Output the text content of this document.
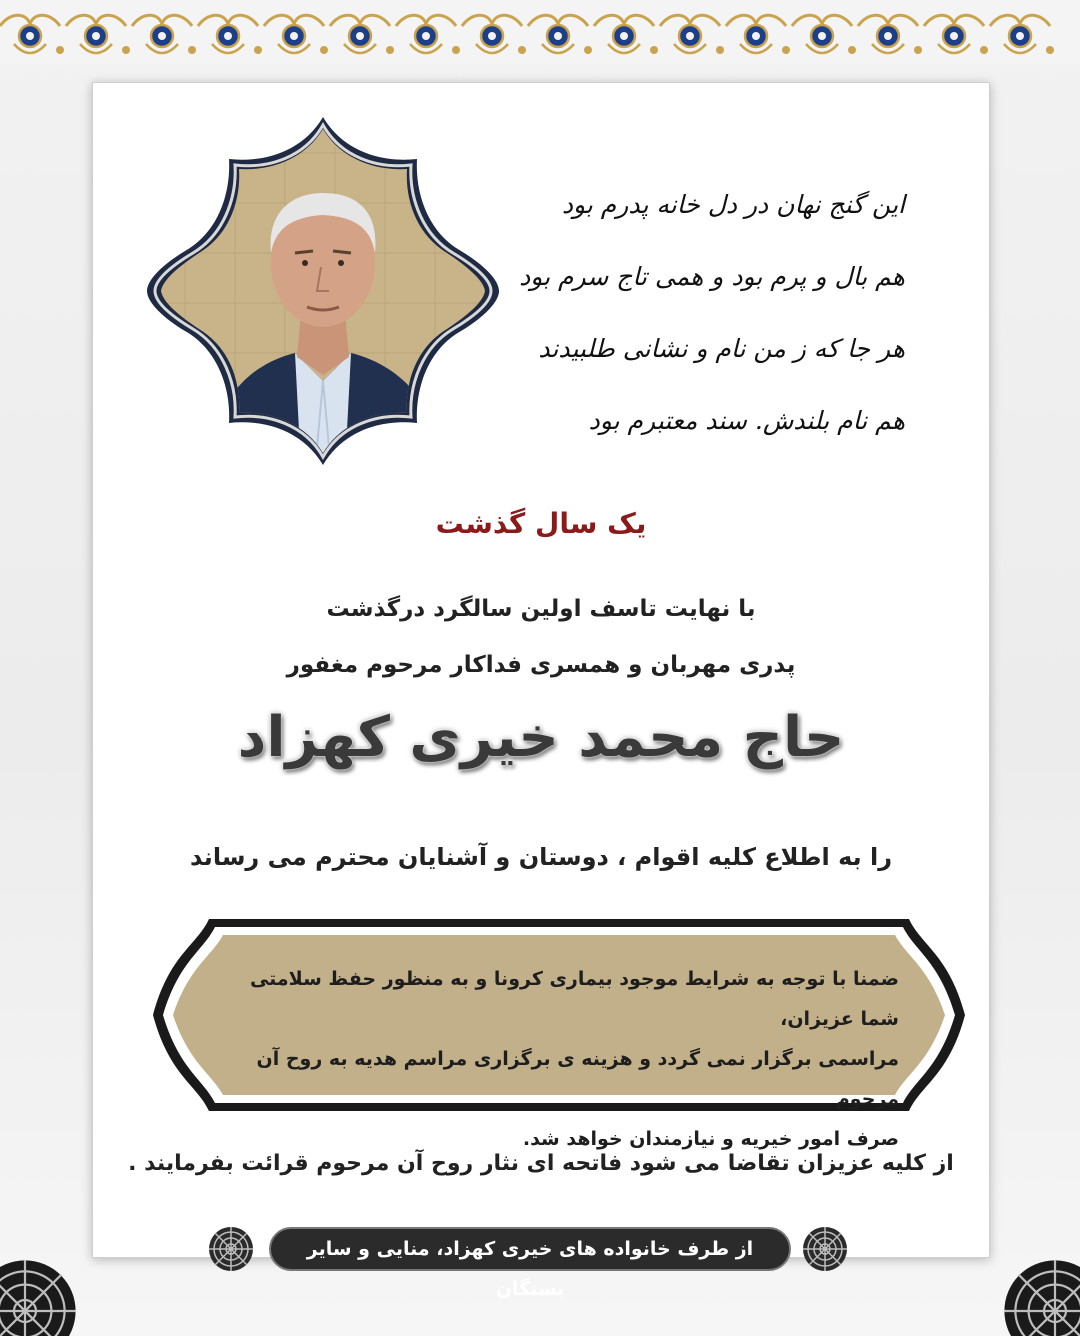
این گنج نهان در دل خانه پدرم بود
هم بال و پرم بود و همی تاج سرم بود
هر جا که ز من نام و نشانی طلبیدند
هم نام بلندش. سند معتبرم بود
یک سال گذشت
با نهایت تاسف اولین سالگرد درگذشت
پدری مهربان و همسری فداکار مرحوم مغفور
حاج محمد خیری کهزاد
را به اطلاع کلیه اقوام ، دوستان و آشنایان محترم می رساند
ضمنا با توجه به شرایط موجود بیماری کرونا و به منظور حفظ سلامتی شما عزیزان،
مراسمی برگزار نمی گردد و هزینه ی برگزاری مراسم هدیه به روح آن مرحوم
صرف امور خیریه و نیازمندان خواهد شد.
از کلیه عزیزان تقاضا می شود فاتحه ای نثار روح آن مرحوم قرائت بفرمایند .
از طرف خانواده های خیری کهزاد، منایی و سایر بستگان
